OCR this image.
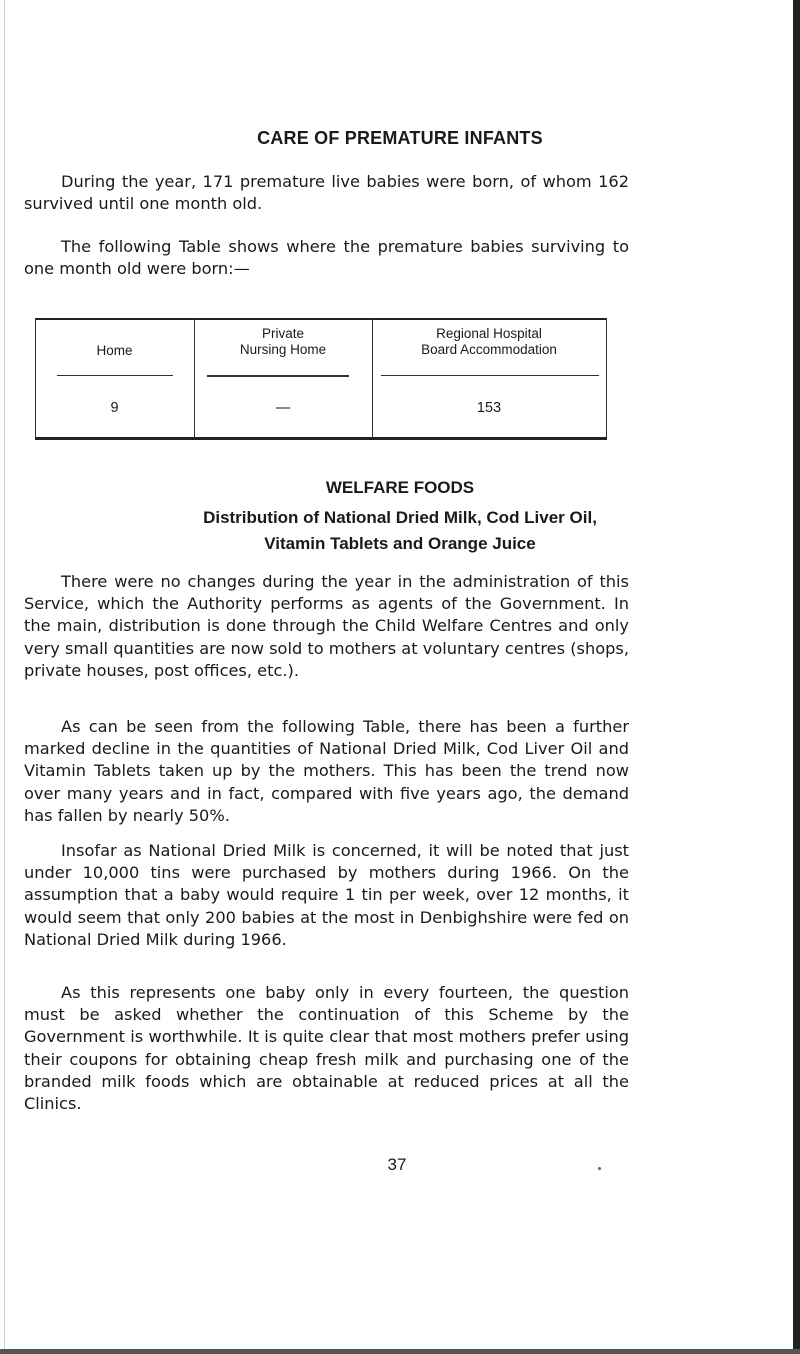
CARE OF PREMATURE INFANTS

During the year, 171 premature live babies were born, of whom 162 survived until one month old.

The following Table shows where the premature babies surviving to one month old were born:—

Home
Private
Nursing Home
Regional Hospital
Board Accommodation
9	—	153
WELFARE FOODS

Distribution of National Dried Milk, Cod Liver Oil,

Vitamin Tablets and Orange Juice

There were no changes during the year in the administration of this Service, which the Authority performs as agents of the Government. In the main, distribution is done through the Child Welfare Centres and only very small quantities are now sold to mothers at voluntary centres (shops, private houses, post offices, etc.).

As can be seen from the following Table, there has been a further marked decline in the quantities of National Dried Milk, Cod Liver Oil and Vitamin Tablets taken up by the mothers. This has been the trend now over many years and in fact, compared with five years ago, the demand has fallen by nearly 50%.

Insofar as National Dried Milk is concerned, it will be noted that just under 10,000 tins were purchased by mothers during 1966. On the assumption that a baby would require 1 tin per week, over 12 months, it would seem that only 200 babies at the most in Denbighshire were fed on National Dried Milk during 1966.

As this represents one baby only in every fourteen, the question must be asked whether the continuation of this Scheme by the Government is worthwhile. It is quite clear that most mothers prefer using their coupons for obtaining cheap fresh milk and purchasing one of the branded milk foods which are obtainable at reduced prices at all the Clinics.

37
